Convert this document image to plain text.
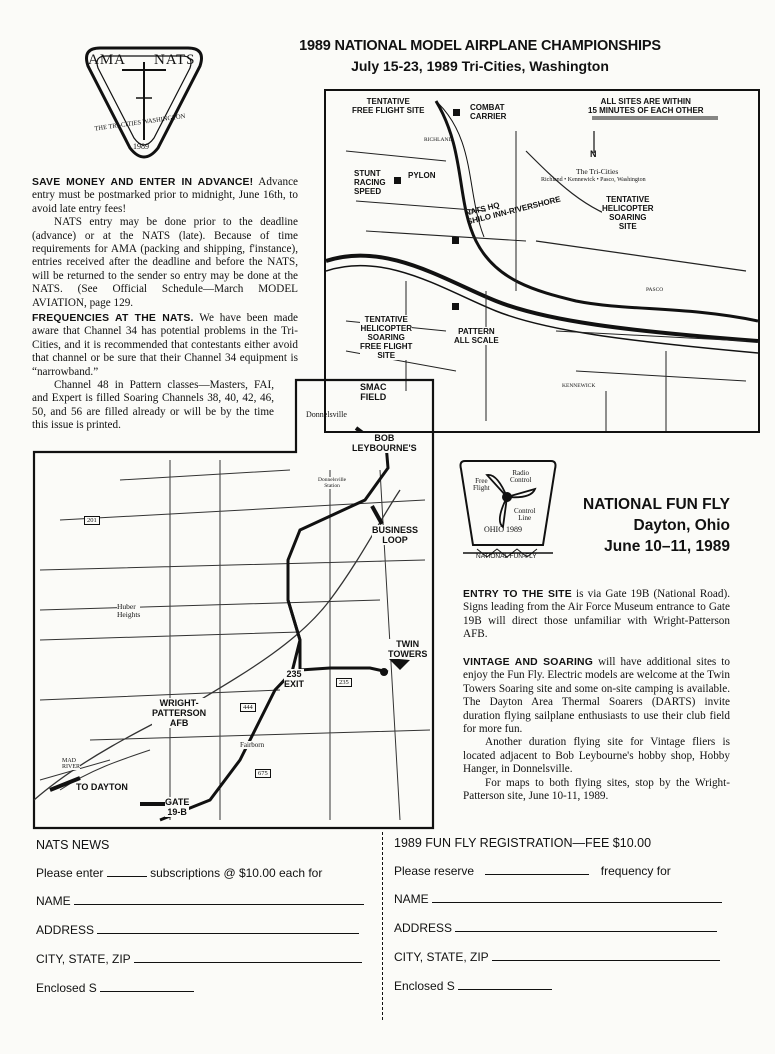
AMA NATS
THE TRI-CITIES WASHINGTON
1989
1989 NATIONAL MODEL AIRPLANE CHAMPIONSHIPS
July 15-23, 1989 Tri-Cities, Washington

SAVE MONEY AND ENTER IN ADVANCE! Advance entry must be postmarked prior to midnight, June 16th, to avoid late entry fees!

NATS entry may be done prior to the deadline (advance) or at the NATS (late). Because of time requirements for AMA (packing and shipping, f'instance), entries received after the deadline and before the NATS, will be returned to the sender so entry may be done at the NATS. (See Official Schedule—March MODEL AVIATION, page 129.

FREQUENCIES AT THE NATS. We have been made aware that Channel 34 has potential problems in the Tri-Cities, and it is recommended that contestants either avoid that channel or be sure that their Channel 34 equipment is “narrowband.”

Channel 48 in Pattern classes—Masters, FAI, and Expert is filled Soaring Channels 38, 40, 42, 46, 50, and 56 are filled already or will be by the time this issue is printed.

TENTATIVE
FREE FLIGHT SITE	COMBAT
CARRIER
ALL SITES ARE WITHIN
15 MINUTES OF EACH OTHER
N
STUNT
RACING
SPEED
PYLON	The Tri-Cities
Richland • Kennewick • Pasco, Washington
TENTATIVE
HELICOPTER
SOARING
SITE
NATS HQ
SHILO INN-RIVERSHORE
TENTATIVE
HELICOPTER
SOARING
FREE FLIGHT
SITE
PATTERN
ALL SCALE
RICHLAND
PASCO
KENNEWICK
SMAC
FIELD
Donnelsville
BOB
LEYBOURNE'S
BUSINESS
LOOP
TWIN
TOWERS
235
EXIT
WRIGHT-
PATTERSON
AFB
TO DAYTON
GATE
19-B
Huber
Heights
Fairborn
MAD
RIVER
Donnelsville
Station
201
235
675
444
Free
Flight
Radio
Control
Control
Line
OHIO 1989
NATIONAL FUN-FLY
NATIONAL FUN FLY
Dayton, Ohio
June 10–11, 1989

ENTRY TO THE SITE is via Gate 19B (National Road). Signs leading from the Air Force Museum entrance to Gate 19B will direct those unfamiliar with Wright-Patterson AFB.

VINTAGE AND SOARING will have additional sites to enjoy the Fun Fly. Electric models are welcome at the Twin Towers Soaring site and some on-site camping is available. The Dayton Area Thermal Soarers (DARTS) invite duration flying sailplane enthusiasts to use their club field for more fun.

Another duration flying site for Vintage fliers is located adjacent to Bob Leybourne's hobby shop, Hobby Hanger, in Donnelsville.

For maps to both flying sites, stop by the Wright-Patterson site, June 10-11, 1989.

NATS NEWS
Please enter	subscriptions @ $10.00 each for
NAME
ADDRESS
CITY, STATE, ZIP
Enclosed S
1989 FUN FLY REGISTRATION—FEE $10.00
Please reserve	frequency for
NAME
ADDRESS
CITY, STATE, ZIP
Enclosed S
